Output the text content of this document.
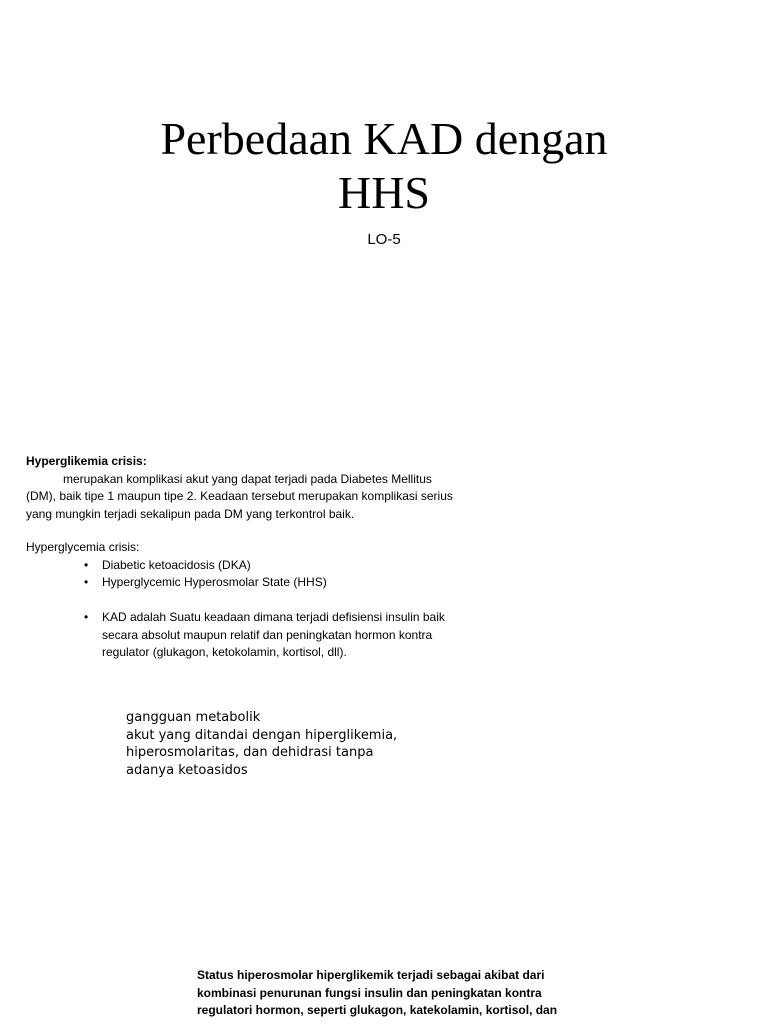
Perbedaan KAD dengan
HHS
LO-5
Hyperglikemia crisis:
merupakan komplikasi akut yang dapat terjadi pada Diabetes Mellitus
(DM), baik tipe 1 maupun tipe 2. Keadaan tersebut merupakan komplikasi serius
yang mungkin terjadi sekalipun pada DM yang terkontrol baik.
Hyperglycemia crisis:
• Diabetic ketoacidosis (DKA)
• Hyperglycemic Hyperosmolar State (HHS)
• KAD adalah Suatu keadaan dimana terjadi defisiensi insulin baik
secara absolut maupun relatif dan peningkatan hormon kontra
regulator (glukagon, ketokolamin, kortisol, dll).
gangguan metabolik
akut yang ditandai dengan hiperglikemia,
hiperosmolaritas, dan dehidrasi tanpa
adanya ketoasidos
Status hiperosmolar hiperglikemik terjadi sebagai akibat dari
kombinasi penurunan fungsi insulin dan peningkatan kontra
regulatori hormon, seperti glukagon, katekolamin, kortisol, dan
